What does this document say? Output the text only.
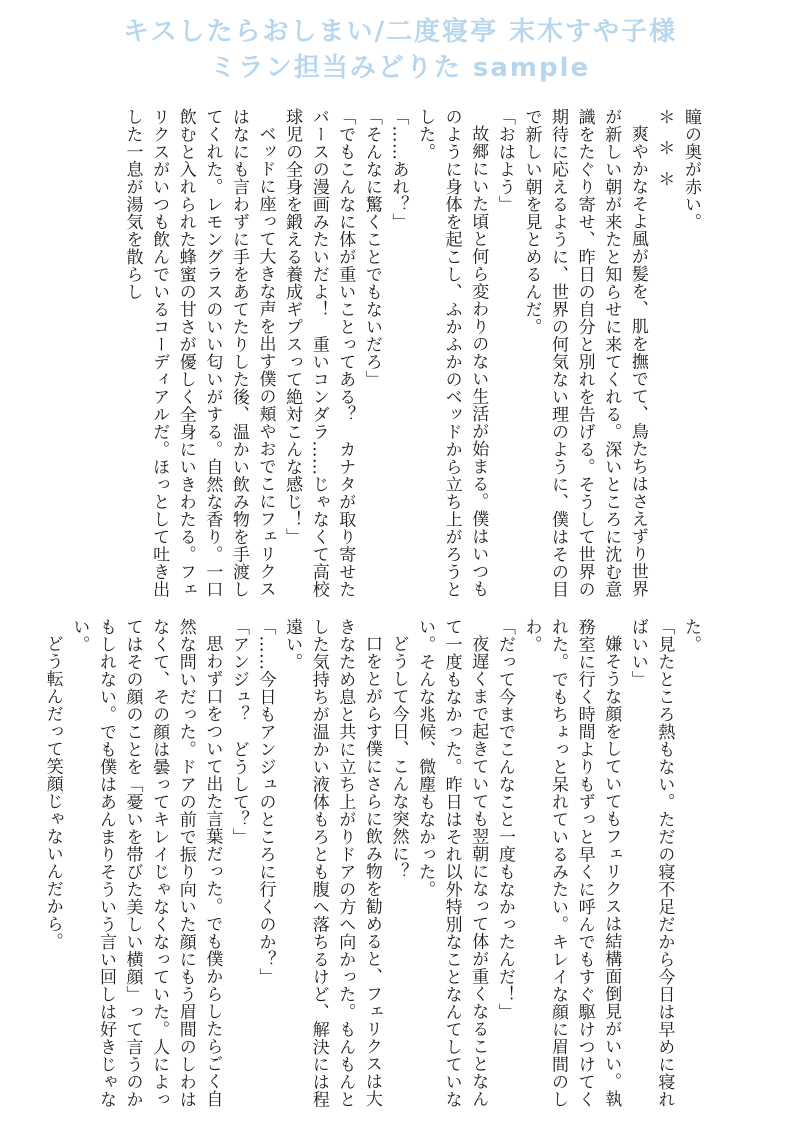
キスしたらおしまい/二度寝亭 末木すや子様
ミラン担当みどりた sample

瞳の奥が赤い。

＊＊＊

爽やかなそよ風が髪を、肌を撫でて、鳥たちはさえずり世界が新しい朝が来たと知らせに来てくれる。深いところに沈む意識をたぐり寄せ、昨日の自分と別れを告げる。そうして世界の期待に応えるように、世界の何気ない理のように、僕はその目で新しい朝を見とめるんだ。

「おはよう」

故郷にいた頃と何ら変わりのない生活が始まる。僕はいつものように身体を起こし、ふかふかのベッドから立ち上がろうとした。

「……あれ？」

「そんなに驚くことでもないだろ」

「でもこんなに体が重いことってある？　カナタが取り寄せたバースの漫画みたいだよ！　重いコンダラ……じゃなくて高校球児の全身を鍛える養成ギプスって絶対こんな感じ！」

ベッドに座って大きな声を出す僕の頬やおでこにフェリクスはなにも言わずに手をあてたりした後、温かい飲み物を手渡してくれた。レモングラスのいい匂いがする。自然な香り。一口飲むと入れられた蜂蜜の甘さが優しく全身にいきわたる。フェリクスがいつも飲んでいるコーディアルだ。ほっとして吐き出した一息が湯気を散らし

た。

「見たところ熱もない。ただの寝不足だから今日は早めに寝ればいい」

嫌そうな顔をしていてもフェリクスは結構面倒見がいい。執務室に行く時間よりもずっと早くに呼んでもすぐ駆けつけてくれた。でもちょっと呆れているみたい。キレイな顔に眉間のしわ。

「だって今までこんなこと一度もなかったんだ！」

夜遅くまで起きていても翌朝になって体が重くなることなんて一度もなかった。昨日はそれ以外特別なことなんてしていない。そんな兆候、微塵もなかった。

どうして今日、こんな突然に？

口をとがらす僕にさらに飲み物を勧めると、フェリクスは大きなため息と共に立ち上がりドアの方へ向かった。もんもんとした気持ちが温かい液体もろとも腹へ落ちるけど、解決には程遠い。

「……今日もアンジュのところに行くのか？」

「アンジュ？　どうして？」

思わず口をついて出た言葉だった。でも僕からしたらごく自然な問いだった。ドアの前で振り向いた顔にもう眉間のしわはなくて、その顔は曇ってキレイじゃなくなっていた。人によってはその顔のことを「憂いを帯びた美しい横顔」って言うのかもしれない。でも僕はあんまりそういう言い回しは好きじゃない。

どう転んだって笑顔じゃないんだから。
